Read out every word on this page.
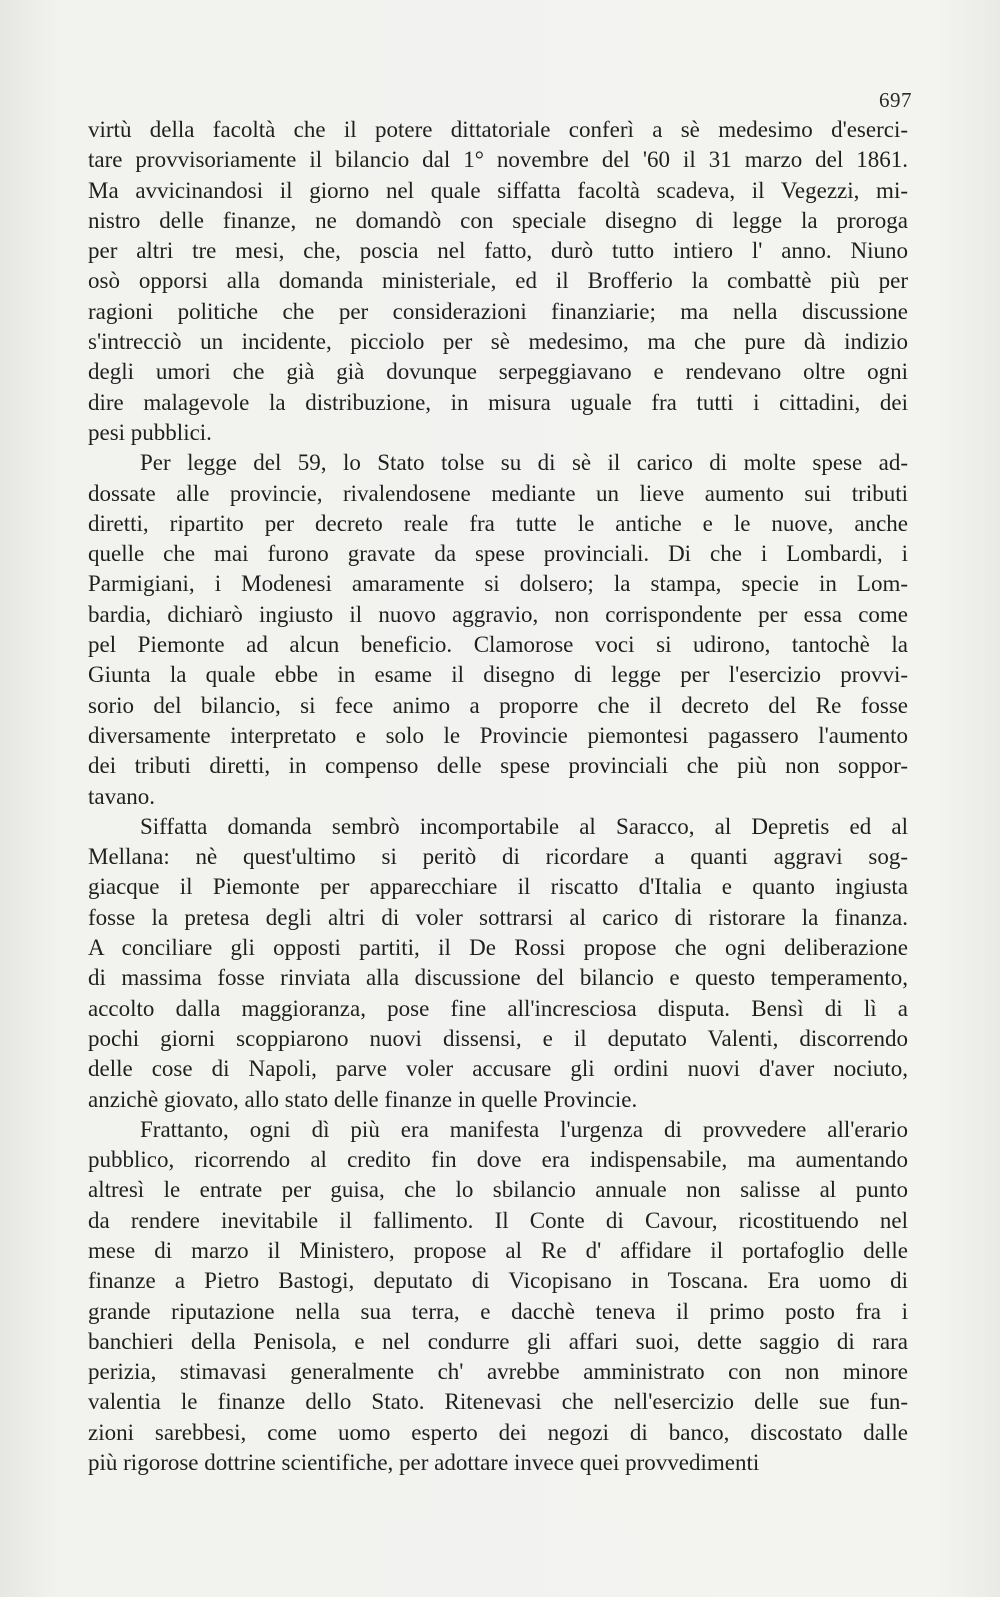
697
virtù della facoltà che il potere dittatoriale conferì a sè medesimo d'eserci-
tare provvisoriamente il bilancio dal 1° novembre del '60 il 31 marzo del 1861.
Ma avvicinandosi il giorno nel quale siffatta facoltà scadeva, il Vegezzi, mi-
nistro delle finanze, ne domandò con speciale disegno di legge la proroga
per altri tre mesi, che, poscia nel fatto, durò tutto intiero l' anno. Niuno
osò opporsi alla domanda ministeriale, ed il Brofferio la combattè più per
ragioni politiche che per considerazioni finanziarie; ma nella discussione
s'intrecciò un incidente, picciolo per sè medesimo, ma che pure dà indizio
degli umori che già già dovunque serpeggiavano e rendevano oltre ogni
dire malagevole la distribuzione, in misura uguale fra tutti i cittadini, dei
pesi pubblici.
Per legge del 59, lo Stato tolse su di sè il carico di molte spese ad-
dossate alle provincie, rivalendosene mediante un lieve aumento sui tributi
diretti, ripartito per decreto reale fra tutte le antiche e le nuove, anche
quelle che mai furono gravate da spese provinciali. Di che i Lombardi, i
Parmigiani, i Modenesi amaramente si dolsero; la stampa, specie in Lom-
bardia, dichiarò ingiusto il nuovo aggravio, non corrispondente per essa come
pel Piemonte ad alcun beneficio. Clamorose voci si udirono, tantochè la
Giunta la quale ebbe in esame il disegno di legge per l'esercizio provvi-
sorio del bilancio, si fece animo a proporre che il decreto del Re fosse
diversamente interpretato e solo le Provincie piemontesi pagassero l'aumento
dei tributi diretti, in compenso delle spese provinciali che più non soppor-
tavano.
Siffatta domanda sembrò incomportabile al Saracco, al Depretis ed al
Mellana: nè quest'ultimo si peritò di ricordare a quanti aggravi sog-
giacque il Piemonte per apparecchiare il riscatto d'Italia e quanto ingiusta
fosse la pretesa degli altri di voler sottrarsi al carico di ristorare la finanza.
A conciliare gli opposti partiti, il De Rossi propose che ogni deliberazione
di massima fosse rinviata alla discussione del bilancio e questo temperamento,
accolto dalla maggioranza, pose fine all'incresciosa disputa. Bensì di lì a
pochi giorni scoppiarono nuovi dissensi, e il deputato Valenti, discorrendo
delle cose di Napoli, parve voler accusare gli ordini nuovi d'aver nociuto,
anzichè giovato, allo stato delle finanze in quelle Provincie.
Frattanto, ogni dì più era manifesta l'urgenza di provvedere all'erario
pubblico, ricorrendo al credito fin dove era indispensabile, ma aumentando
altresì le entrate per guisa, che lo sbilancio annuale non salisse al punto
da rendere inevitabile il fallimento. Il Conte di Cavour, ricostituendo nel
mese di marzo il Ministero, propose al Re d' affidare il portafoglio delle
finanze a Pietro Bastogi, deputato di Vicopisano in Toscana. Era uomo di
grande riputazione nella sua terra, e dacchè teneva il primo posto fra i
banchieri della Penisola, e nel condurre gli affari suoi, dette saggio di rara
perizia, stimavasi generalmente ch' avrebbe amministrato con non minore
valentia le finanze dello Stato. Ritenevasi che nell'esercizio delle sue fun-
zioni sarebbesi, come uomo esperto dei negozi di banco, discostato dalle
più rigorose dottrine scientifiche, per adottare invece quei provvedimenti
